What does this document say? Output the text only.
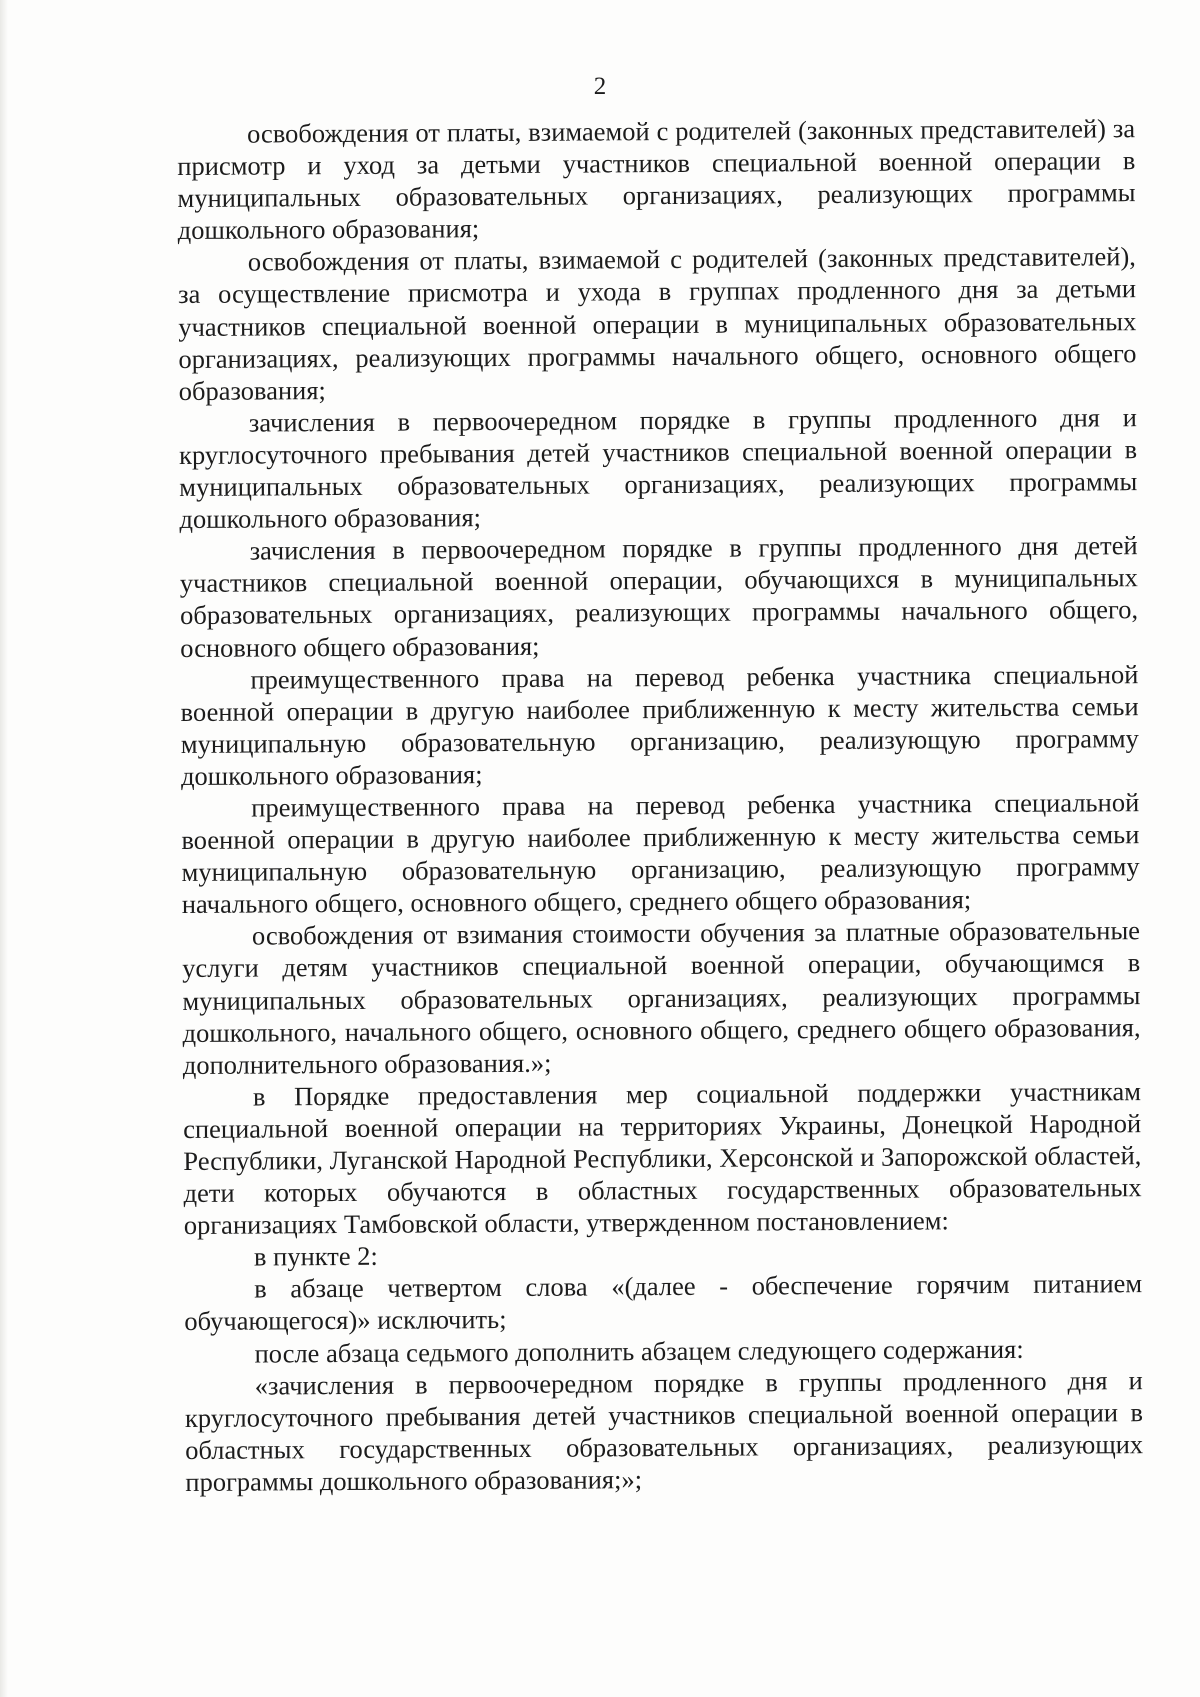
2

освобождения от платы, взимаемой с родителей (законных представителей) за присмотр и уход за детьми участников специальной военной операции в муниципальных образовательных организациях, реализующих программы дошкольного образования;

освобождения от платы, взимаемой с родителей (законных представителей), за осуществление присмотра и ухода в группах продленного дня за детьми участников специальной военной операции в муниципальных образовательных организациях, реализующих программы начального общего, основного общего образования;

зачисления в первоочередном порядке в группы продленного дня и круглосуточного пребывания детей участников специальной военной операции в муниципальных образовательных организациях, реализующих программы дошкольного образования;

зачисления в первоочередном порядке в группы продленного дня детей участников специальной военной операции, обучающихся в муниципальных образовательных организациях, реализующих программы начального общего, основного общего образования;

преимущественного права на перевод ребенка участника специальной военной операции в другую наиболее приближенную к месту жительства семьи муниципальную образовательную организацию, реализующую программу дошкольного образования;

преимущественного права на перевод ребенка участника специальной военной операции в другую наиболее приближенную к месту жительства семьи муниципальную образовательную организацию, реализующую программу начального общего, основного общего, среднего общего образования;

освобождения от взимания стоимости обучения за платные образовательные услуги детям участников специальной военной операции, обучающимся в муниципальных образовательных организациях, реализующих программы дошкольного, начального общего, основного общего, среднего общего образования, дополнительного образования.»;

в Порядке предоставления мер социальной поддержки участникам специальной военной операции на территориях Украины, Донецкой Народной Республики, Луганской Народной Республики, Херсонской и Запорожской областей, дети которых обучаются в областных государственных образовательных организациях Тамбовской области, утвержденном постановлением:

в пункте 2:

в абзаце четвертом слова «(далее - обеспечение горячим питанием обучающегося)» исключить;

после абзаца седьмого дополнить абзацем следующего содержания:

«зачисления в первоочередном порядке в группы продленного дня и круглосуточного пребывания детей участников специальной военной операции в областных государственных образовательных организациях, реализующих программы дошкольного образования;»;
